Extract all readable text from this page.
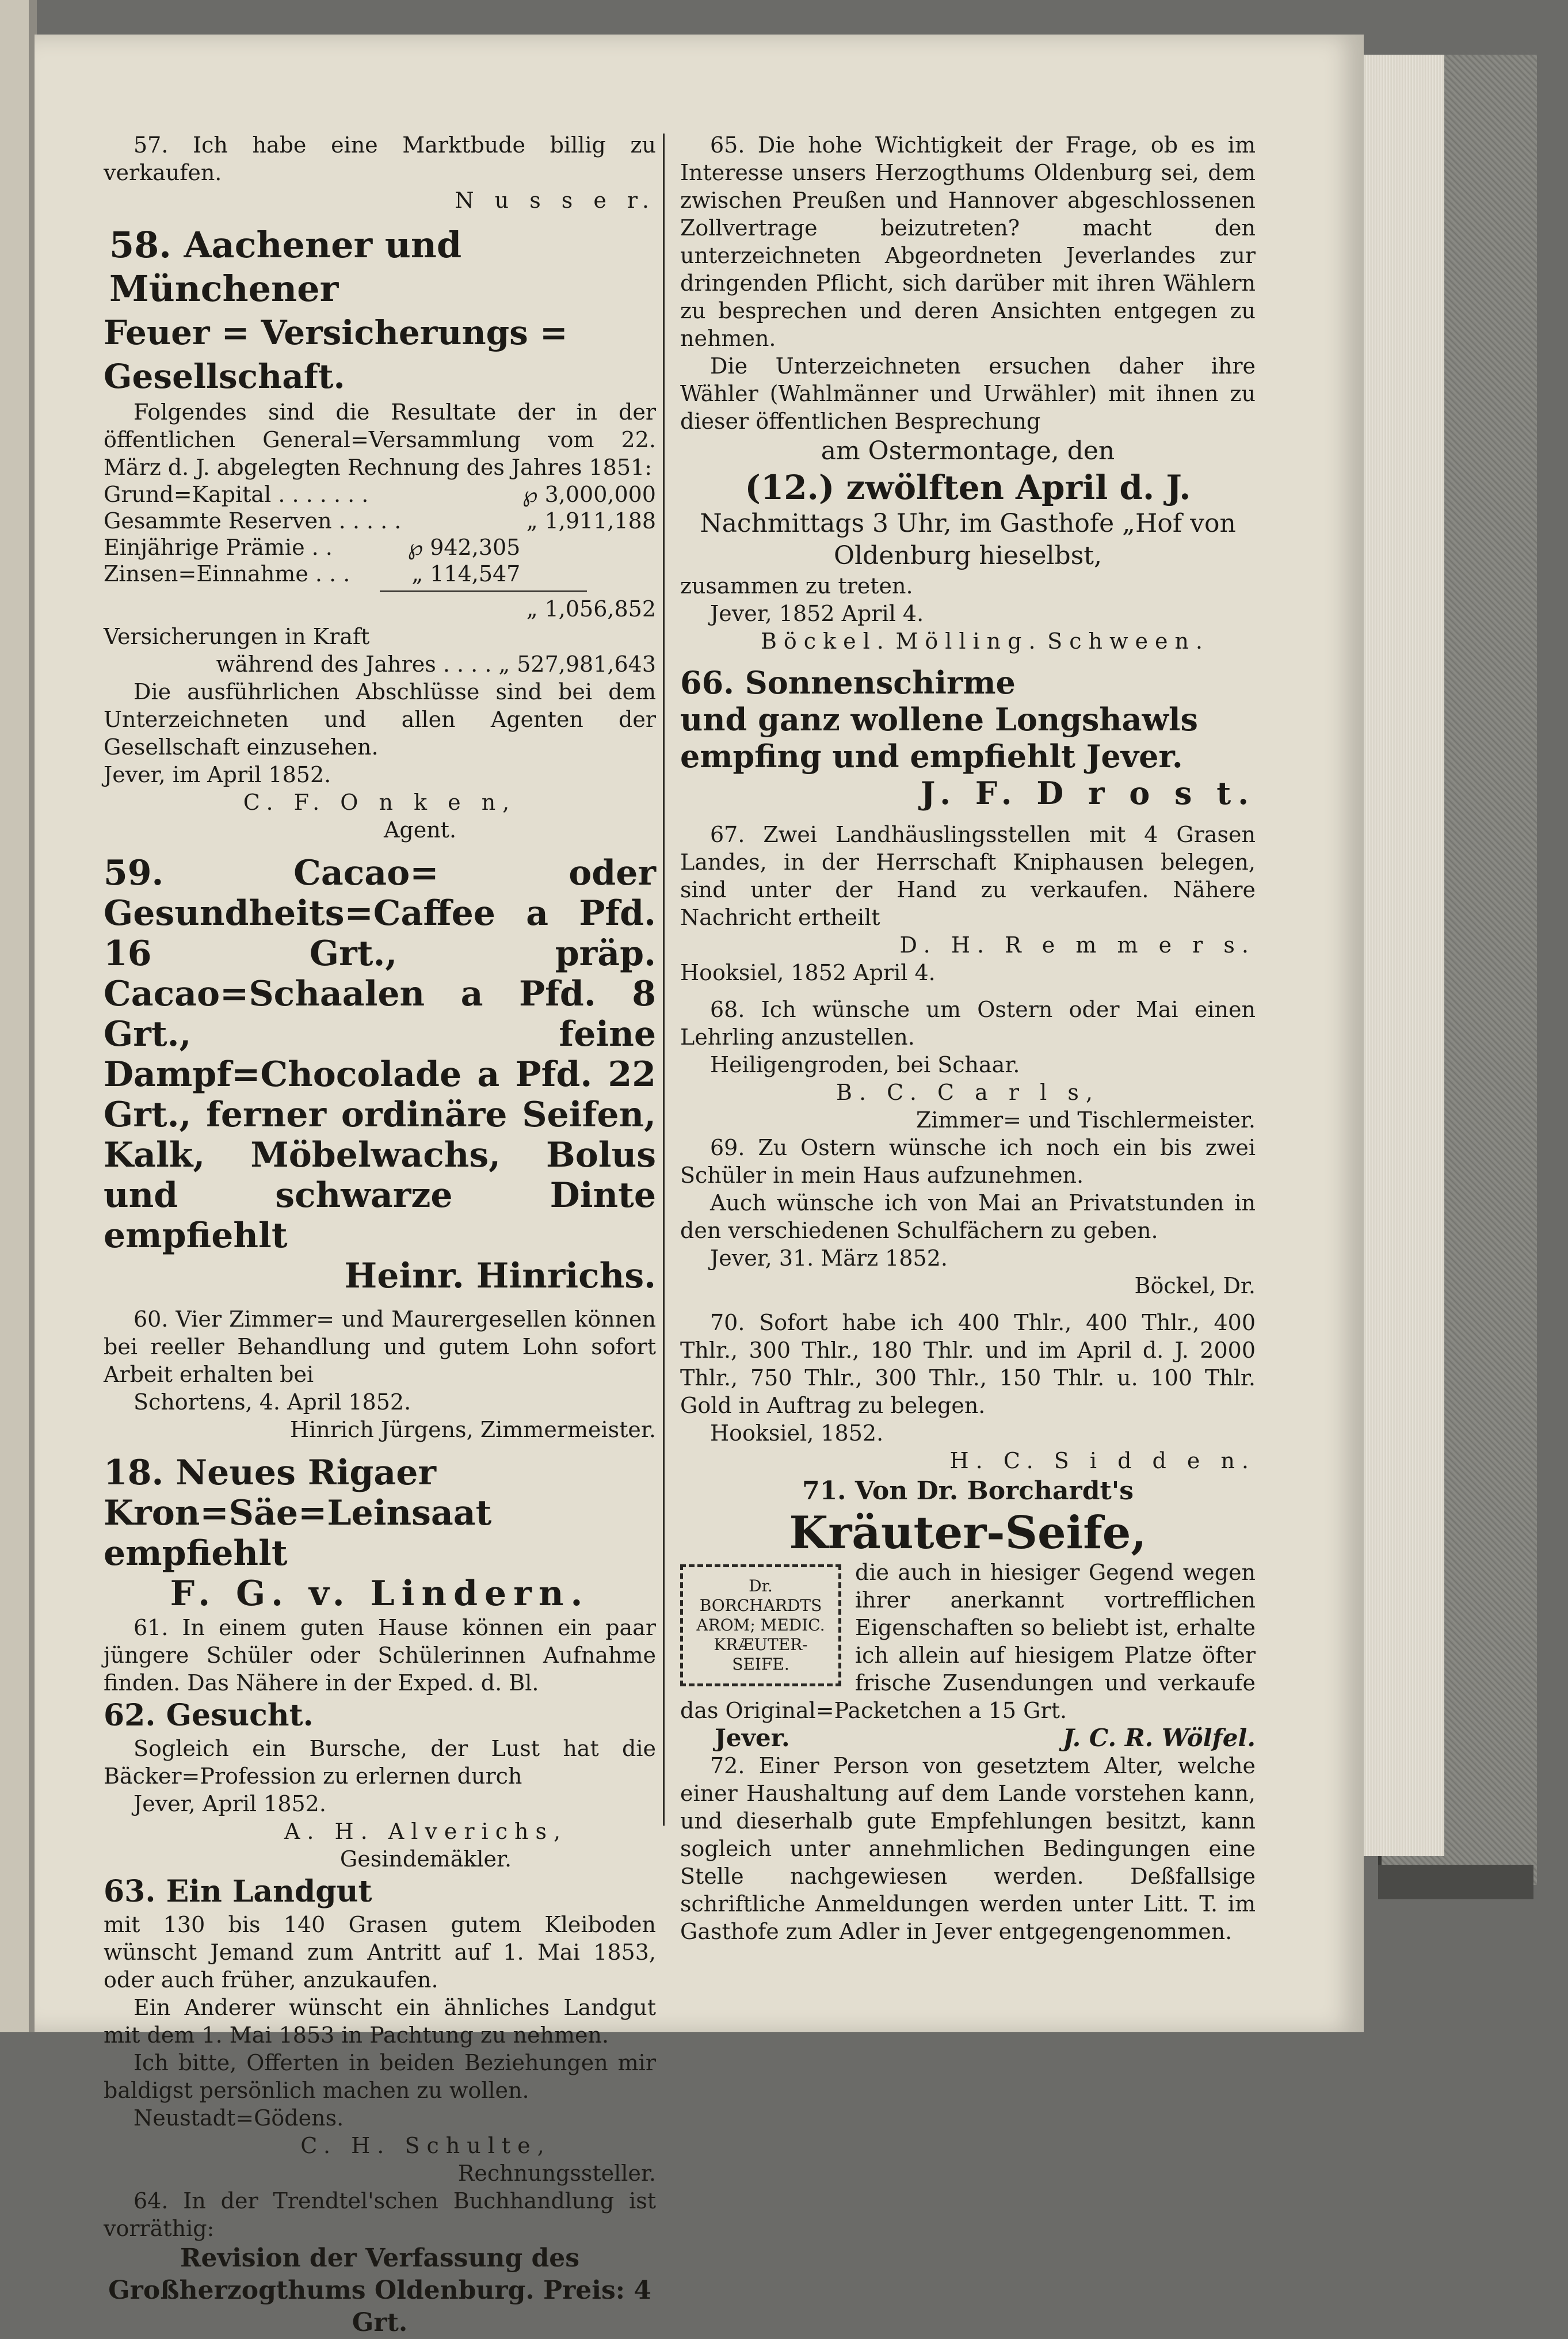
57. Ich habe eine Marktbude billig zu verkaufen.

N u s s e r.

58. Aachener und Münchener

Feuer = Versicherungs = Gesellschaft.

Folgendes sind die Resultate der in der öffentlichen General=Versammlung vom 22. März d. J. abgelegten Rechnung des Jahres 1851:

Grund=Kapital . . . . . . .		℘ 3,000,000
Gesammte Reserven . . . . .		„ 1,911,188
Einjährige Prämie . .	℘ 942,305	
Zinsen=Einnahme . . .	„ 114,547	

„ 1,056,852

Versicherungen in Kraft

während des Jahres . . . . „ 527,981,643

Die ausführlichen Abschlüsse sind bei dem Unterzeichneten und allen Agenten der Gesellschaft einzusehen.

Jever, im April 1852.

C. F. O n k e n,

Agent.

59. Cacao= oder Gesundheits=Caffee a Pfd. 16 Grt., präp. Cacao=Schaalen a Pfd. 8 Grt., feine Dampf=Chocolade a Pfd. 22 Grt., ferner ordinäre Seifen, Kalk, Möbelwachs, Bolus und schwarze Dinte empfiehlt

Heinr. Hinrichs.

60. Vier Zimmer= und Maurergesellen können bei reeller Behandlung und gutem Lohn sofort Arbeit erhalten bei

Schortens, 4. April 1852.

Hinrich Jürgens, Zimmermeister.

18. Neues Rigaer Kron=Säe=Leinsaat empfiehlt

F. G. v. Lindern.

61. In einem guten Hause können ein paar jüngere Schüler oder Schülerinnen Aufnahme finden. Das Nähere in der Exped. d. Bl.

62. Gesucht.

Sogleich ein Bursche, der Lust hat die Bäcker=Profession zu erlernen durch

Jever, April 1852.

A. H. Alverichs,

Gesindemäkler.

63. Ein Landgut

mit 130 bis 140 Grasen gutem Kleiboden wünscht Jemand zum Antritt auf 1. Mai 1853, oder auch früher, anzukaufen.

Ein Anderer wünscht ein ähnliches Landgut mit dem 1. Mai 1853 in Pachtung zu nehmen.

Ich bitte, Offerten in beiden Beziehungen mir baldigst persönlich machen zu wollen.

Neustadt=Gödens.

C. H. Schulte,

Rechnungssteller.

64. In der Trendtel'schen Buchhandlung ist vorräthig:

Revision der Verfassung des Großherzogthums Oldenburg. Preis: 4 Grt.

65. Die hohe Wichtigkeit der Frage, ob es im Interesse unsers Herzogthums Oldenburg sei, dem zwischen Preußen und Hannover abgeschlossenen Zollvertrage beizutreten? macht den unterzeichneten Abgeordneten Jeverlandes zur dringenden Pflicht, sich darüber mit ihren Wählern zu besprechen und deren Ansichten entgegen zu nehmen.

Die Unterzeichneten ersuchen daher ihre Wähler (Wahlmänner und Urwähler) mit ihnen zu dieser öffentlichen Besprechung

am Ostermontage, den

(12.) zwölften April d. J.

Nachmittags 3 Uhr, im Gasthofe „Hof von Oldenburg hieselbst,

zusammen zu treten.

Jever, 1852 April 4.

Böckel. Mölling. Schween.

66. Sonnenschirme

und ganz wollene Longshawls empfing und empfiehlt Jever.

J. F. D r o s t.

67. Zwei Landhäuslingsstellen mit 4 Grasen Landes, in der Herrschaft Kniphausen belegen, sind unter der Hand zu verkaufen. Nähere Nachricht ertheilt

D. H. R e m m e r s.

Hooksiel, 1852 April 4.

68. Ich wünsche um Ostern oder Mai einen Lehrling anzustellen.

Heiligengroden, bei Schaar.

B. C. C a r l s,

Zimmer= und Tischlermeister.

69. Zu Ostern wünsche ich noch ein bis zwei Schüler in mein Haus aufzunehmen.

Auch wünsche ich von Mai an Privatstunden in den verschiedenen Schulfächern zu geben.

Jever, 31. März 1852.

Böckel, Dr.

70. Sofort habe ich 400 Thlr., 400 Thlr., 400 Thlr., 300 Thlr., 180 Thlr. und im April d. J. 2000 Thlr., 750 Thlr., 300 Thlr., 150 Thlr. u. 100 Thlr. Gold in Auftrag zu belegen.

Hooksiel, 1852.

H. C. S i d d e n.

71. Von Dr. Borchardt's

Kräuter-Seife,

Dr.
BORCHARDTS
AROM; MEDIC.
KRÆUTER-
SEIFE.

die auch in hiesiger Gegend wegen ihrer anerkannt vortrefflichen Eigenschaften so beliebt ist, erhalte ich allein auf hiesigem Platze öfter frische Zusendungen und verkaufe das Original=Packetchen a 15 Grt.

Jever.	J. C. R. Wölfel.

72. Einer Person von gesetztem Alter, welche einer Haushaltung auf dem Lande vorstehen kann, und dieserhalb gute Empfehlungen besitzt, kann sogleich unter annehmlichen Bedingungen eine Stelle nachgewiesen werden. Deßfallsige schriftliche Anmeldungen werden unter Litt. T. im Gasthofe zum Adler in Jever entgegengenommen.
